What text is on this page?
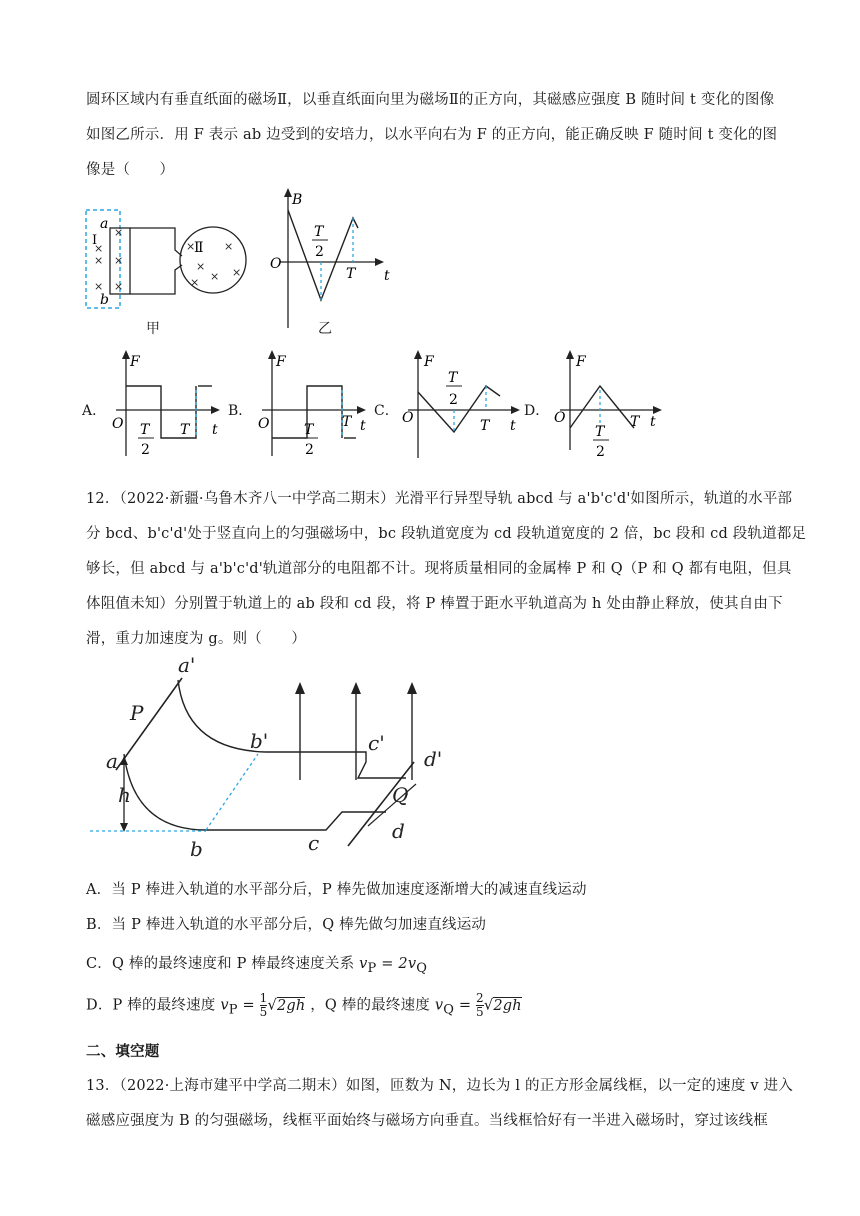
圆环区域内有垂直纸面的磁场Ⅱ，以垂直纸面向里为磁场Ⅱ的正方向，其磁感应强度 B 随时间 t 变化的图像
如图乙所示．用 F 表示 ab 边受到的安培力，以水平向右为 F 的正方向，能正确反映 F 随时间 t 变化的图
像是（　　）
×
×
×
×
×
×
×	×
×
× ×
×
a
b
Ⅰ	Ⅱ
B
O
t
T
2
T
甲	乙
A．
F
O T
2
T t
B．
F
O T
2
T t
C．
F
O
T
2
T t
D．
F
O
T
2
T t
12．（2022·新疆·乌鲁木齐八一中学高二期末）光滑平行异型导轨 abcd 与 a'b'c'd'如图所示，轨道的水平部
分 bcd、b'c'd'处于竖直向上的匀强磁场中，bc 段轨道宽度为 cd 段轨道宽度的 2 倍，bc 段和 cd 段轨道都足
够长，但 abcd 与 a'b'c'd'轨道部分的电阻都不计。现将质量相同的金属棒 P 和 Q（P 和 Q 都有电阻，但具
体阻值未知）分别置于轨道上的 ab 段和 cd 段，将 P 棒置于距水平轨道高为 h 处由静止释放，使其自由下
滑，重力加速度为 g。则（　　）
a'
P
b'	c'
d'
a
h	Q
b	c	d
A．当 P 棒进入轨道的水平部分后，P 棒先做加速度逐渐增大的减速直线运动
B．当 P 棒进入轨道的水平部分后，Q 棒先做匀加速直线运动
C．Q 棒的最终速度和 P 棒最终速度关系 $v_P = 2v_Q$
D．P 棒的最终速度 $v_P = \frac{1}{5} √2gh$ ，Q 棒的最终速度 $v_Q = \frac{2}{5} √2gh$
二、填空题
13．（2022·上海市建平中学高二期末）如图，匝数为 N，边长为 l 的正方形金属线框，以一定的速度 v 进入
磁感应强度为 B 的匀强磁场，线框平面始终与磁场方向垂直。当线框恰好有一半进入磁场时，穿过该线框
